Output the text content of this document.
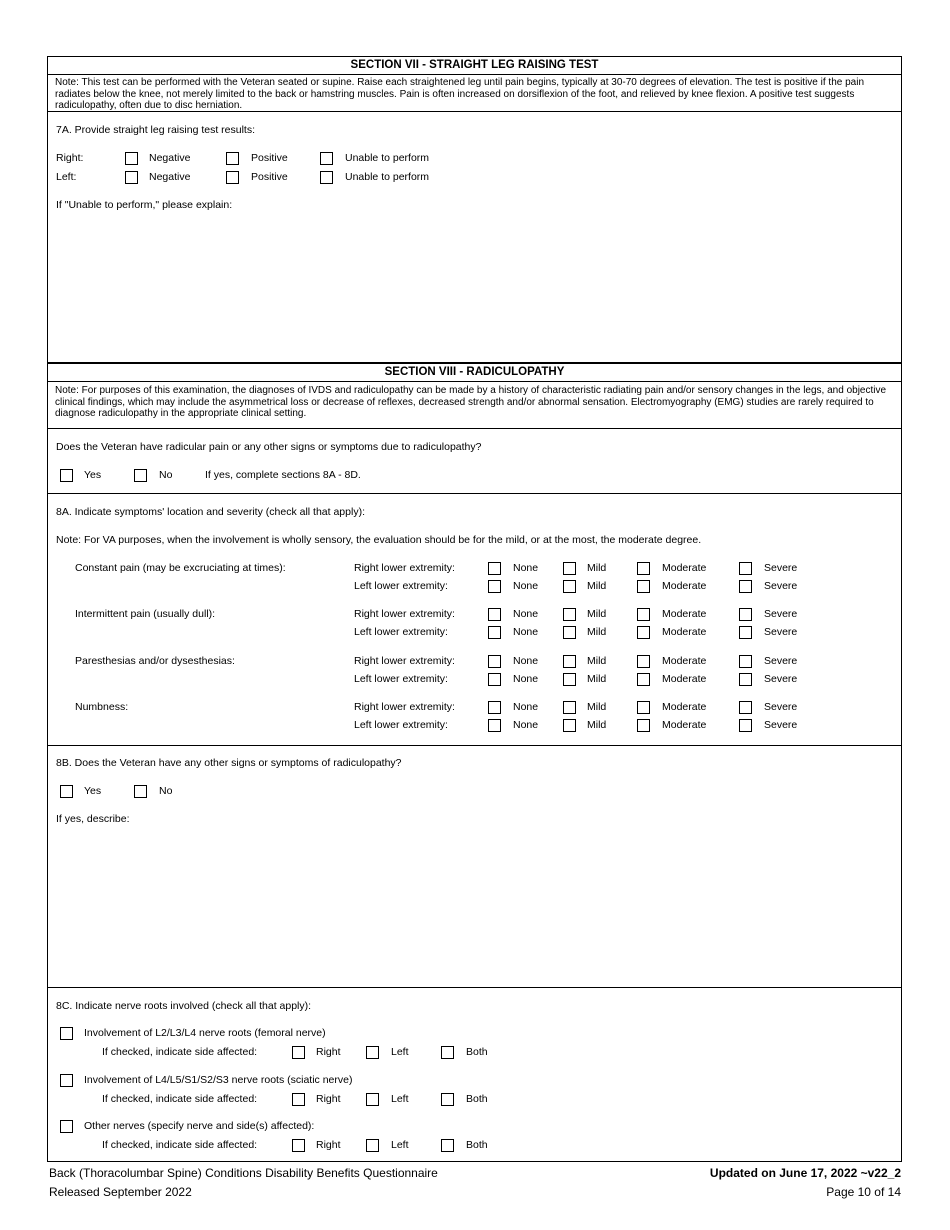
SECTION VII - STRAIGHT LEG RAISING TEST
Note: This test can be performed with the Veteran seated or supine. Raise each straightened leg until pain begins, typically at 30-70 degrees of elevation. The test is positive if the pain radiates below the knee, not merely limited to the back or hamstring muscles. Pain is often increased on dorsiflexion of the foot, and relieved by knee flexion. A positive test suggests radiculopathy, often due to disc herniation.
7A. Provide straight leg raising test results:
Right:	Negative	Positive	Unable to perform
Left:	Negative	Positive	Unable to perform
If "Unable to perform," please explain:
SECTION VIII - RADICULOPATHY
Note: For purposes of this examination, the diagnoses of IVDS and radiculopathy can be made by a history of characteristic radiating pain and/or sensory changes in the legs, and objective clinical findings, which may include the asymmetrical loss or decrease of reflexes, decreased strength and/or abnormal sensation. Electromyography (EMG) studies are rarely required to diagnose radiculopathy in the appropriate clinical setting.
Does the Veteran have radicular pain or any other signs or symptoms due to radiculopathy?
Yes	No	If yes, complete sections 8A - 8D.
8A. Indicate symptoms' location and severity (check all that apply):
Note: For VA purposes, when the involvement is wholly sensory, the evaluation should be for the mild, or at the most, the moderate degree.
Constant pain (may be excruciating at times):	Right lower extremity:	None	Mild	Moderate	Severe
Left lower extremity:	None	Mild	Moderate	Severe
Intermittent pain (usually dull):	Right lower extremity:	None	Mild	Moderate	Severe
Left lower extremity:	None	Mild	Moderate	Severe
Paresthesias and/or dysesthesias:	Right lower extremity:	None	Mild	Moderate	Severe
Left lower extremity:	None	Mild	Moderate	Severe
Numbness:	Right lower extremity:	None	Mild	Moderate	Severe
Left lower extremity:	None	Mild	Moderate	Severe
8B. Does the Veteran have any other signs or symptoms of radiculopathy?
Yes	No
If yes, describe:
8C. Indicate nerve roots involved (check all that apply):
Involvement of L2/L3/L4 nerve roots (femoral nerve)
If checked, indicate side affected:	Right	Left	Both
Involvement of L4/L5/S1/S2/S3 nerve roots (sciatic nerve)
If checked, indicate side affected:	Right	Left	Both
Other nerves (specify nerve and side(s) affected):
If checked, indicate side affected:	Right	Left	Both
Back (Thoracolumbar Spine) Conditions Disability Benefits Questionnaire
Released September 2022
Updated on June 17, 2022 ~v22_2
Page 10 of 14
